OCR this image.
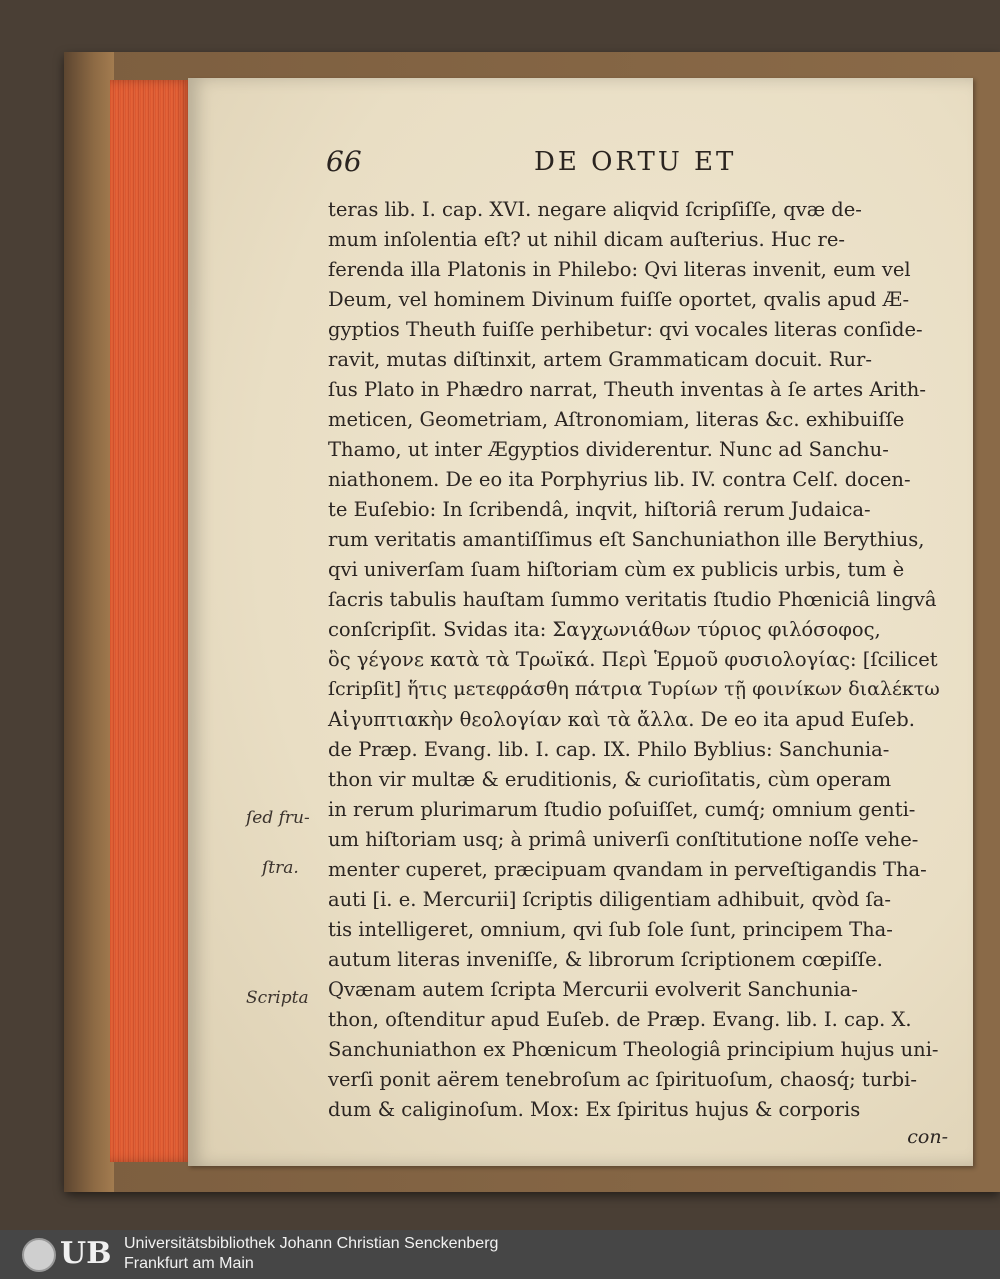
66	DE ORTU ET
teras lib. I. cap. XVI. negare aliqvid ſcripſiſſe, qvæ de-
mum inſolentia eſt? ut nihil dicam auſterius. Huc re-
ferenda illa Platonis in Philebo: Qvi literas invenit, eum vel
Deum, vel hominem Divinum fuiſſe oportet, qvalis apud Æ-
gyptios Theuth fuiſſe perhibetur: qvi vocales literas conſide-
ravit, mutas diſtinxit, artem Grammaticam docuit. Rur-
ſus Plato in Phædro narrat, Theuth inventas à ſe artes Arith-
meticen, Geometriam, Aſtronomiam, literas &c. exhibuiſſe
Thamo, ut inter Ægyptios dividerentur. Nunc ad Sanchu-
niathonem. De eo ita Porphyrius lib. IV. contra Celſ. docen-
te Euſebio: In ſcribendâ, inqvit, hiſtoriâ rerum Judaica-
rum veritatis amantiſſimus eſt Sanchuniathon ille Berythius,
qvi univerſam ſuam hiſtoriam cùm ex publicis urbis, tum è
ſacris tabulis hauſtam ſummo veritatis ſtudio Phœniciâ lingvâ
conſcripſit. Svidas ita: Σαγχωνιάθων τύριος φιλόσοφος,
ὃς γέγονε κατὰ τὰ Τρωϊκά. Περὶ Ἑρμοῦ φυσιολογίας: [ſcilicet
ſcripſit] ἥτις μετεφράσθη πάτρια Τυρίων τῇ φοινίκων διαλέκτω
Αἰγυπτιακὴν θεολογίαν καὶ τὰ ἄλλα. De eo ita apud Euſeb.
de Præp. Evang. lib. I. cap. IX. Philo Byblius: Sanchunia-
thon vir multæ & eruditionis, & curioſitatis, cùm operam
in rerum plurimarum ſtudio poſuiſſet, cumq́; omnium genti-
um hiſtoriam usq; à primâ univerſi conſtitutione noſſe vehe-
menter cuperet, præcipuam qvandam in perveſtigandis Tha-
auti [i. e. Mercurii] ſcriptis diligentiam adhibuit, qvòd ſa-
tis intelligeret, omnium, qvi ſub ſole ſunt, principem Tha-
autum literas inveniſſe, & librorum ſcriptionem cœpiſſe.
Qvænam autem ſcripta Mercurii evolverit Sanchunia-
thon, oſtenditur apud Euſeb. de Præp. Evang. lib. I. cap. X.
Sanchuniathon ex Phœnicum Theologiâ principium hujus uni-
verſi ponit aërem tenebroſum ac ſpirituoſum, chaosq́; turbi-
dum & caliginoſum. Mox: Ex ſpiritus hujus & corporis
con-
ſed fru-
ſtra.
Scripta
UB Universitätsbibliothek Johann Christian Senckenberg
Frankfurt am Main
